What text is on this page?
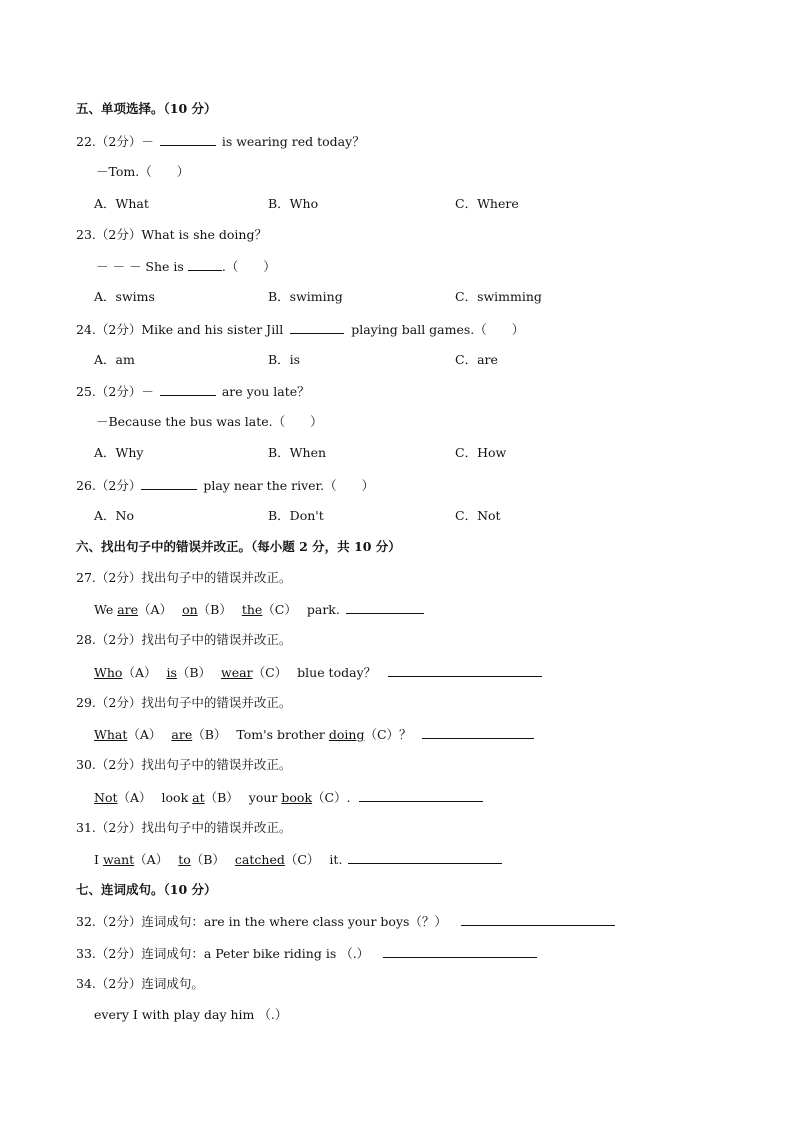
五、单项选择。（10 分）
22.（2分）－	is wearing red today？
－Tom.（　　）
A．What	B．Who	C．Where
23.（2分）What is she doing？
－ － － She is	.（　　）
A．swims	B．swiming	C．swimming
24.（2分）Mike and his sister Jill	playing ball games.（　　）
A．am	B．is	C．are
25.（2分）－	are you late？
－Because the bus was late.（　　）
A．Why	B．When	C．How
26.（2分）	play near the river.（　　）
A．No	B．Don't	C．Not
六、找出句子中的错误并改正。（每小题 2 分，共 10 分）
27.（2分）找出句子中的错误并改正。
We are（A） on（B） the（C） park.
28.（2分）找出句子中的错误并改正。
Who（A） is（B） wear（C） blue today？
29.（2分）找出句子中的错误并改正。
What（A） are（B） Tom's brother doing（C）？
30.（2分）找出句子中的错误并改正。
Not（A） look at（B） your book（C）.
31.（2分）找出句子中的错误并改正。
I want（A） to（B） catched（C） it.
七、连词成句。（10 分）
32.（2分）连词成句：are in the where class your boys（？）
33.（2分）连词成句：a Peter bike riding is （.）
34.（2分）连词成句。
every I with play day him （.）
